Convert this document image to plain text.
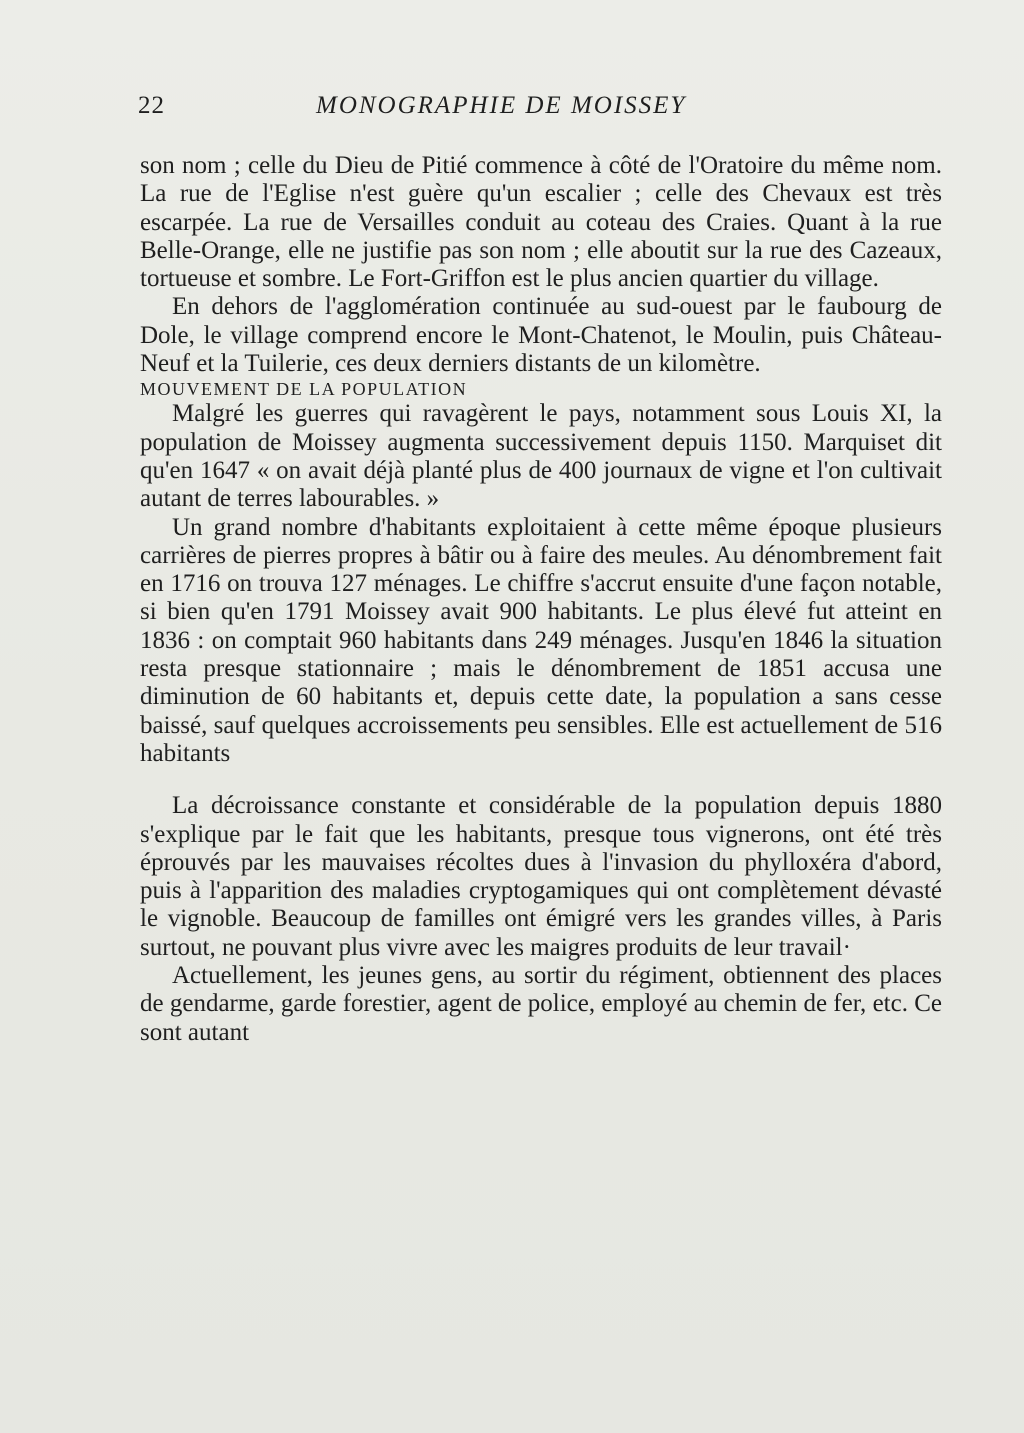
22	MONOGRAPHIE DE MOISSEY

son nom ; celle du Dieu de Pitié commence à côté de l'Oratoire du même nom. La rue de l'Eglise n'est guère qu'un escalier ; celle des Chevaux est très escarpée. La rue de Versailles conduit au coteau des Craies. Quant à la rue Belle-Orange, elle ne justifie pas son nom ; elle aboutit sur la rue des Cazeaux, tortueuse et sombre. Le Fort-Griffon est le plus ancien quartier du village.

En dehors de l'agglomération continuée au sud-ouest par le faubourg de Dole, le village comprend encore le Mont-Chatenot, le Moulin, puis Château-Neuf et la Tuilerie, ces deux derniers distants de un kilomètre.

MOUVEMENT DE LA POPULATION

Malgré les guerres qui ravagèrent le pays, notamment sous Louis XI, la population de Moissey augmenta successivement depuis 1150. Marquiset dit qu'en 1647 « on avait déjà planté plus de 400 journaux de vigne et l'on cultivait autant de terres labourables. »

Un grand nombre d'habitants exploitaient à cette même époque plusieurs carrières de pierres propres à bâtir ou à faire des meules. Au dénombrement fait en 1716 on trouva 127 ménages. Le chiffre s'accrut ensuite d'une façon notable, si bien qu'en 1791 Moissey avait 900 habitants. Le plus élevé fut atteint en 1836 : on comptait 960 habitants dans 249 ménages. Jusqu'en 1846 la situation resta presque stationnaire ; mais le dénombrement de 1851 accusa une diminution de 60 habitants et, depuis cette date, la population a sans cesse baissé, sauf quelques accroissements peu sensibles. Elle est actuellement de 516 habitants

La décroissance constante et considérable de la population depuis 1880 s'explique par le fait que les habitants, presque tous vignerons, ont été très éprouvés par les mauvaises récoltes dues à l'invasion du phylloxéra d'abord, puis à l'apparition des maladies cryptogamiques qui ont complètement dévasté le vignoble. Beaucoup de familles ont émigré vers les grandes villes, à Paris surtout, ne pouvant plus vivre avec les maigres produits de leur travail·

Actuellement, les jeunes gens, au sortir du régiment, obtiennent des places de gendarme, garde forestier, agent de police, employé au chemin de fer, etc. Ce sont autant
